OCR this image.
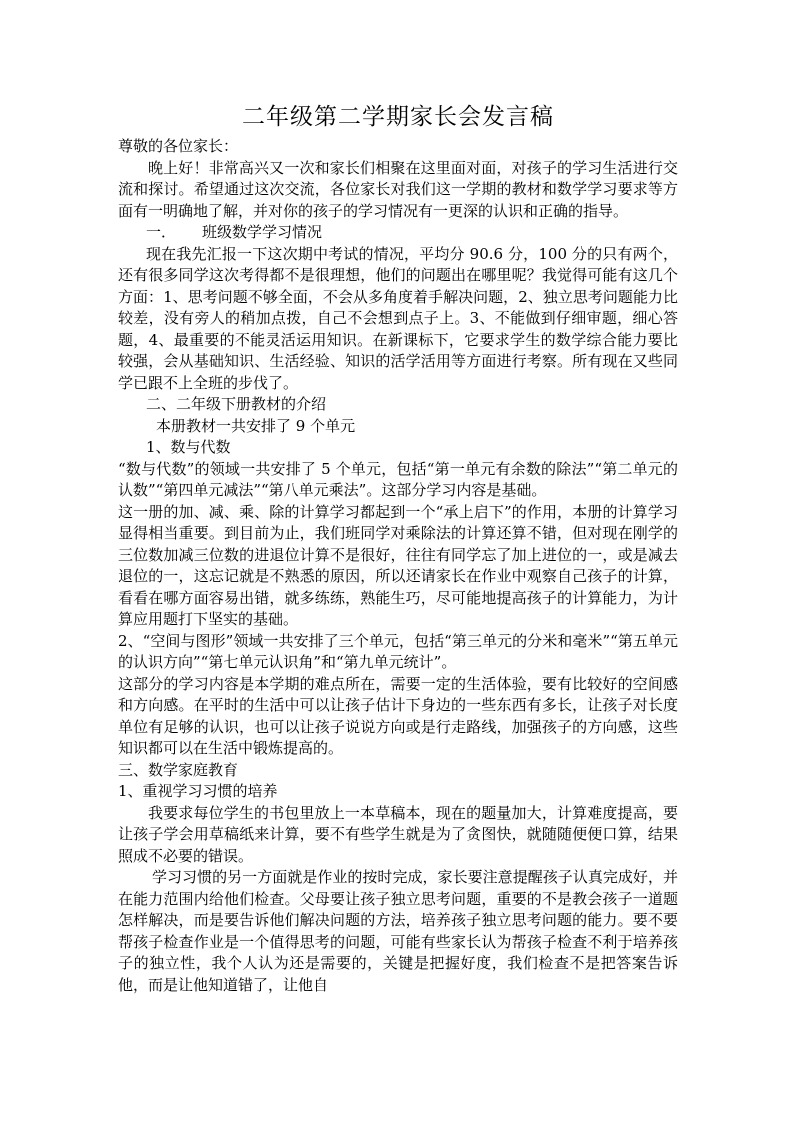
二年级第二学期家长会发言稿

尊敬的各位家长：

晚上好！非常高兴又一次和家长们相聚在这里面对面，对孩子的学习生活进行交流和探讨。希望通过这次交流，各位家长对我们这一学期的教材和数学学习要求等方面有一明确地了解，并对你的孩子的学习情况有一更深的认识和正确的指导。

一． 班级数学学习情况

现在我先汇报一下这次期中考试的情况，平均分 90.6 分，100 分的只有两个，还有很多同学这次考得都不是很理想，他们的问题出在哪里呢？我觉得可能有这几个方面：1、思考问题不够全面，不会从多角度着手解决问题，2、独立思考问题能力比较差，没有旁人的稍加点拨，自己不会想到点子上。3、不能做到仔细审题，细心答题，4、最重要的不能灵活运用知识。在新课标下，它要求学生的数学综合能力要比较强，会从基础知识、生活经验、知识的活学活用等方面进行考察。所有现在又些同学已跟不上全班的步伐了。

二、二年级下册教材的介绍

本册教材一共安排了 9 个单元

1、数与代数

“数与代数”的领域一共安排了 5 个单元，包括“第一单元有余数的除法”“第二单元的认数”“第四单元减法”“第八单元乘法”。这部分学习内容是基础。

这一册的加、减、乘、除的计算学习都起到一个“承上启下”的作用，本册的计算学习显得相当重要。到目前为止，我们班同学对乘除法的计算还算不错，但对现在刚学的三位数加减三位数的进退位计算不是很好，往往有同学忘了加上进位的一，或是减去退位的一，这忘记就是不熟悉的原因，所以还请家长在作业中观察自己孩子的计算，看看在哪方面容易出错，就多练练，熟能生巧，尽可能地提高孩子的计算能力，为计算应用题打下坚实的基础。

2、“空间与图形”领域一共安排了三个单元，包括“第三单元的分米和毫米”“第五单元的认识方向”“第七单元认识角”和“第九单元统计”。

这部分的学习内容是本学期的难点所在，需要一定的生活体验，要有比较好的空间感和方向感。在平时的生活中可以让孩子估计下身边的一些东西有多长，让孩子对长度单位有足够的认识，也可以让孩子说说方向或是行走路线，加强孩子的方向感，这些知识都可以在生活中锻炼提高的。

三、数学家庭教育

1、重视学习习惯的培养

我要求每位学生的书包里放上一本草稿本，现在的题量加大，计算难度提高，要让孩子学会用草稿纸来计算，要不有些学生就是为了贪图快，就随随便便口算，结果照成不必要的错误。

学习习惯的另一方面就是作业的按时完成，家长要注意提醒孩子认真完成好，并在能力范围内给他们检查。父母要让孩子独立思考问题，重要的不是教会孩子一道题怎样解决，而是要告诉他们解决问题的方法，培养孩子独立思考问题的能力。要不要帮孩子检查作业是一个值得思考的问题，可能有些家长认为帮孩子检查不利于培养孩子的独立性，我个人认为还是需要的，关键是把握好度，我们检查不是把答案告诉他，而是让他知道错了，让他自
